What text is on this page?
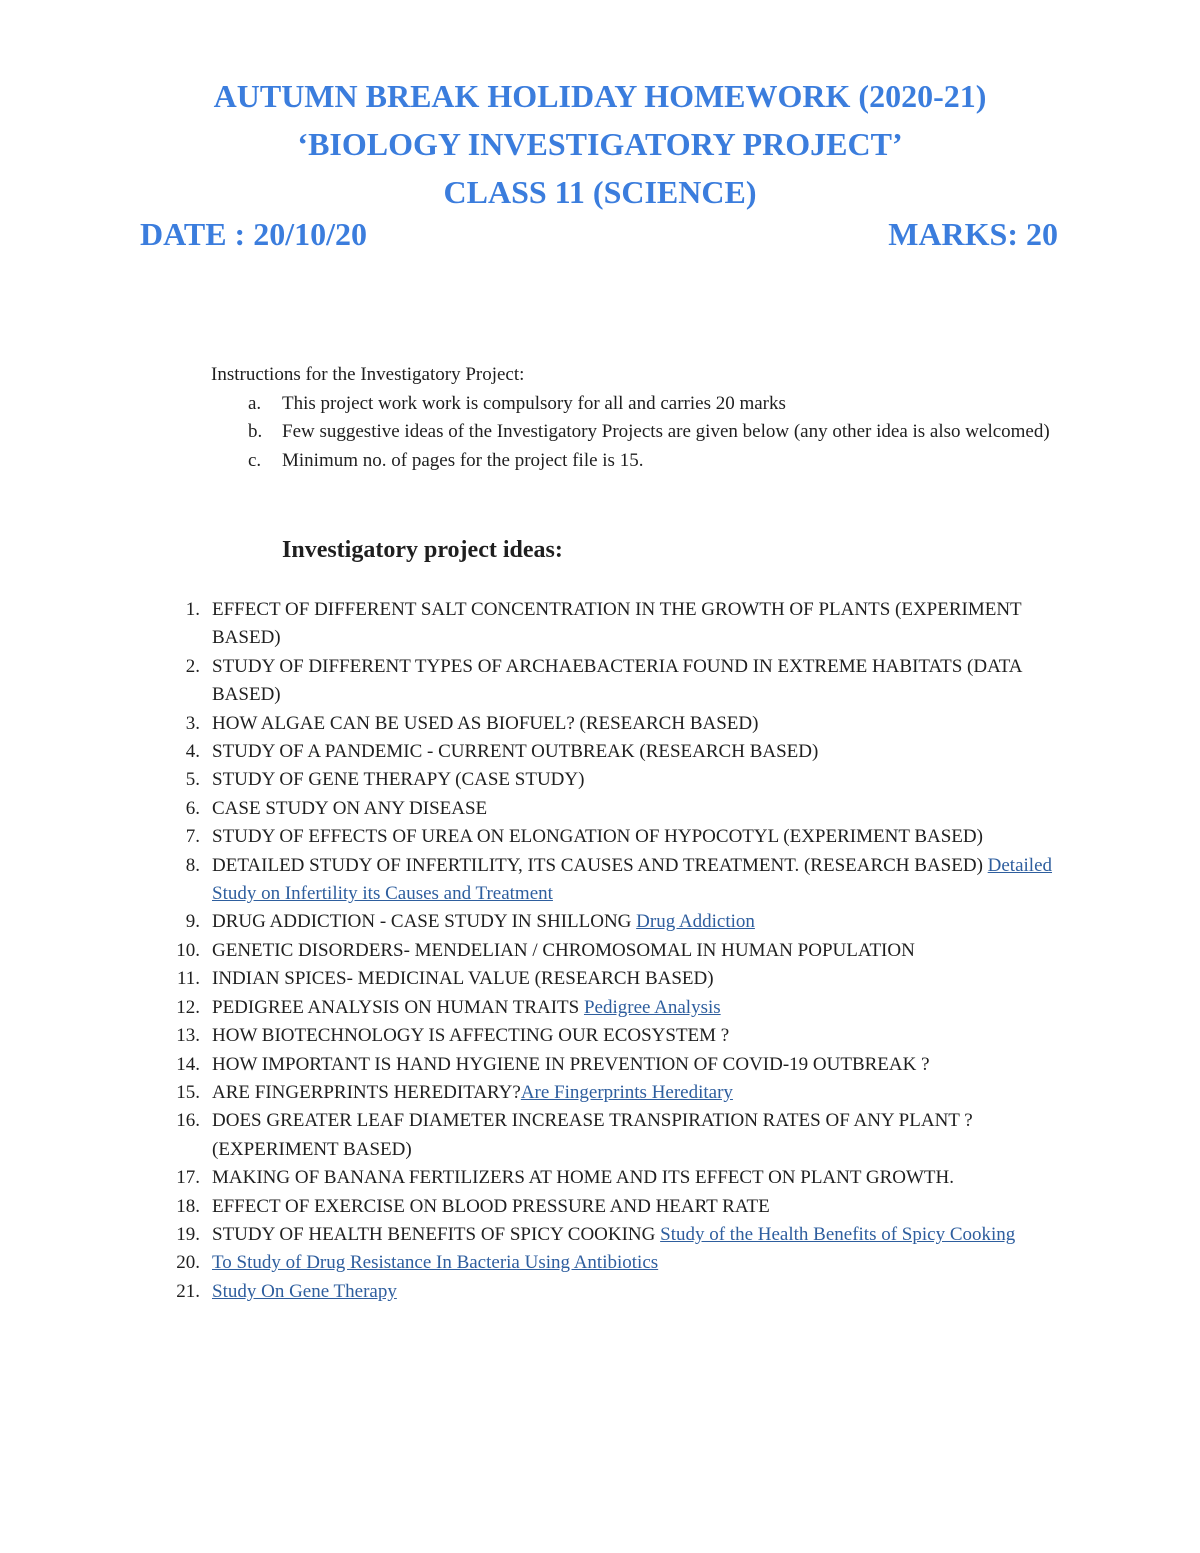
AUTUMN BREAK HOLIDAY HOMEWORK (2020-21)
‘BIOLOGY INVESTIGATORY PROJECT’
CLASS 11 (SCIENCE)
DATE : 20/10/20	MARKS: 20
Instructions for the Investigatory Project:
a. This project work work is compulsory for all and carries 20 marks
b. Few suggestive ideas of the Investigatory Projects are given below (any other idea is also welcomed)
c. Minimum no. of pages for the project file is 15.
Investigatory project ideas:
1. EFFECT OF DIFFERENT SALT CONCENTRATION IN THE GROWTH OF PLANTS (EXPERIMENT BASED)
2. STUDY OF DIFFERENT TYPES OF ARCHAEBACTERIA FOUND IN EXTREME HABITATS (DATA BASED)
3. HOW ALGAE CAN BE USED AS BIOFUEL? (RESEARCH BASED)
4. STUDY OF A PANDEMIC - CURRENT OUTBREAK (RESEARCH BASED)
5. STUDY OF GENE THERAPY (CASE STUDY)
6. CASE STUDY ON ANY DISEASE
7. STUDY OF EFFECTS OF UREA ON ELONGATION OF HYPOCOTYL (EXPERIMENT BASED)
8. DETAILED STUDY OF INFERTILITY, ITS CAUSES AND TREATMENT. (RESEARCH BASED) Detailed Study on Infertility its Causes and Treatment
9. DRUG ADDICTION - CASE STUDY IN SHILLONG Drug Addiction
10. GENETIC DISORDERS- MENDELIAN / CHROMOSOMAL IN HUMAN POPULATION
11. INDIAN SPICES- MEDICINAL VALUE (RESEARCH BASED)
12. PEDIGREE ANALYSIS ON HUMAN TRAITS Pedigree Analysis
13. HOW BIOTECHNOLOGY IS AFFECTING OUR ECOSYSTEM ?
14. HOW IMPORTANT IS HAND HYGIENE IN PREVENTION OF COVID-19 OUTBREAK ?
15. ARE FINGERPRINTS HEREDITARY?Are Fingerprints Hereditary
16. DOES GREATER LEAF DIAMETER INCREASE TRANSPIRATION RATES OF ANY PLANT ? (EXPERIMENT BASED)
17. MAKING OF BANANA FERTILIZERS AT HOME AND ITS EFFECT ON PLANT GROWTH.
18. EFFECT OF EXERCISE ON BLOOD PRESSURE AND HEART RATE
19. STUDY OF HEALTH BENEFITS OF SPICY COOKING Study of the Health Benefits of Spicy Cooking
20. To Study of Drug Resistance In Bacteria Using Antibiotics
21. Study On Gene Therapy
